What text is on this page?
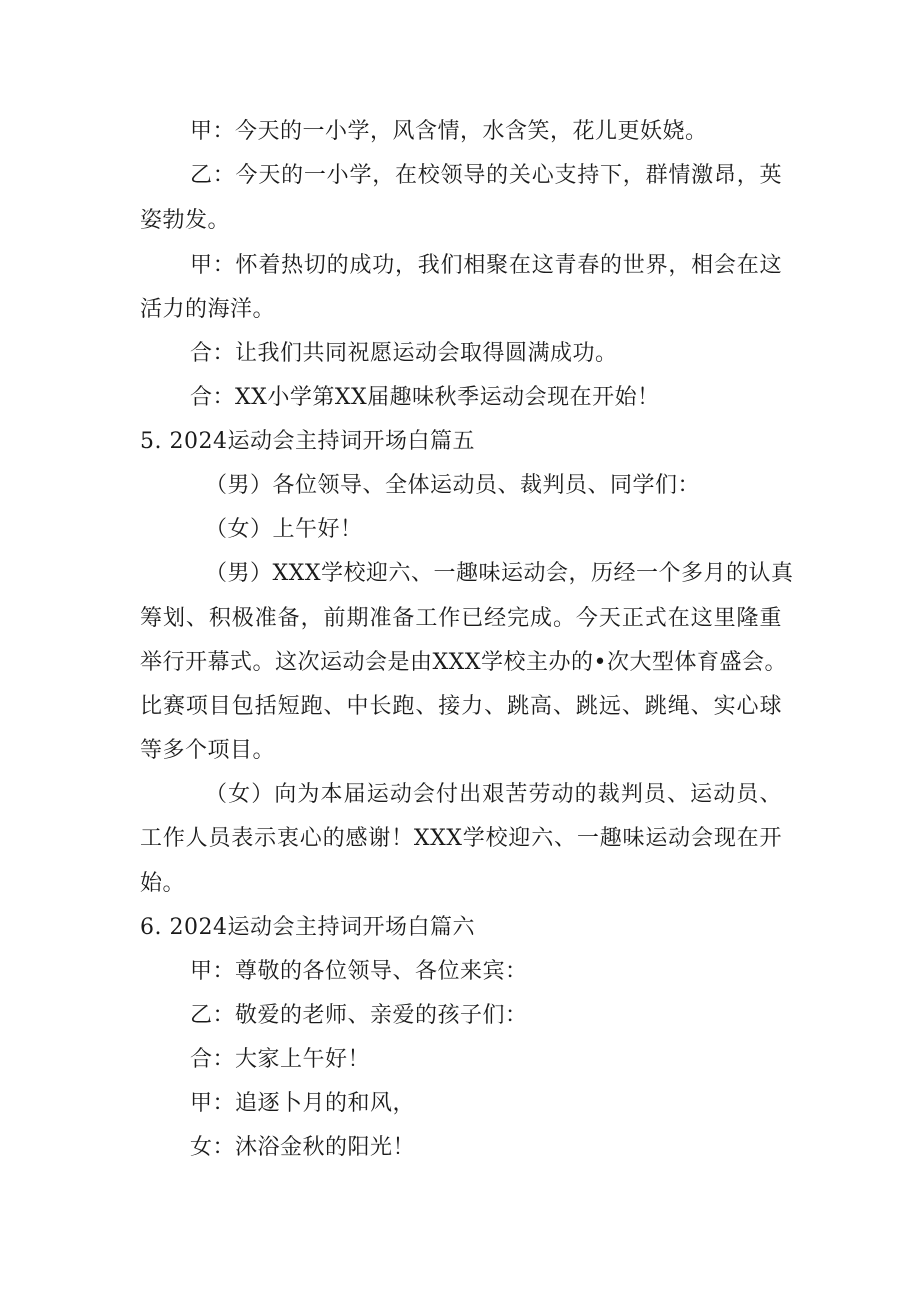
甲：今天的一小学，风含情，水含笑，花儿更妖娆。
乙：今天的一小学，在校领导的关心支持下，群情激昂，英
姿勃发。
甲：怀着热切的成功，我们相聚在这青春的世界，相会在这
活力的海洋。
合：让我们共同祝愿运动会取得圆满成功。
合：XX小学第XX届趣味秋季运动会现在开始！
5. 2024运动会主持词开场白篇五
（男）各位领导、全体运动员、裁判员、同学们：
（女）上午好！
（男）XXX学校迎六、一趣味运动会，历经一个多月的认真
筹划、积极准备，前期准备工作已经完成。今天正式在这里隆重
举行开幕式。这次运动会是由XXX学校主办的•次大型体育盛会。
比赛项目包括短跑、中长跑、接力、跳高、跳远、跳绳、实心球
等多个项目。
（女）向为本届运动会付出艰苦劳动的裁判员、运动员、
工作人员表示衷心的感谢！XXX学校迎六、一趣味运动会现在开
始。
6. 2024运动会主持词开场白篇六
甲：尊敬的各位领导、各位来宾：
乙：敬爱的老师、亲爱的孩子们：
合：大家上午好！
甲：追逐卜月的和风，
女：沐浴金秋的阳光！
